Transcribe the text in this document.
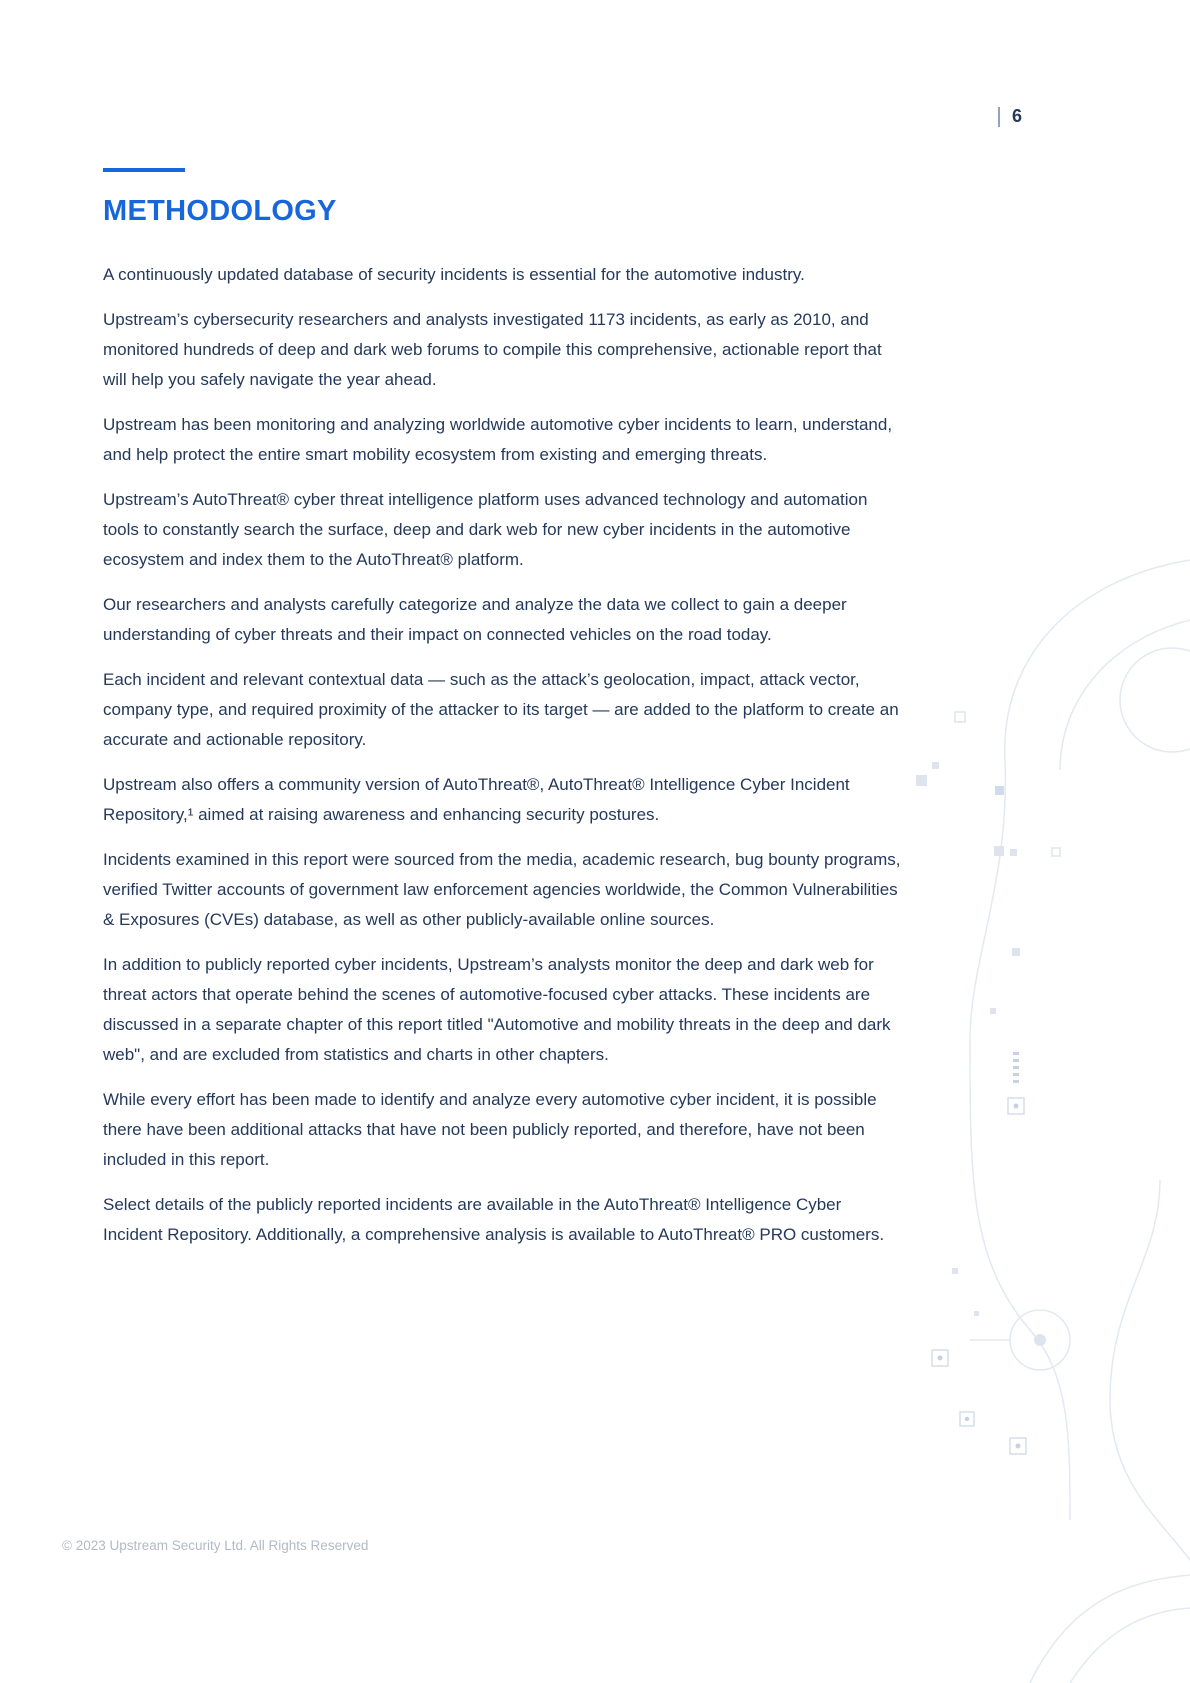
6
METHODOLOGY

A continuously updated database of security incidents is essential for the automotive industry.

Upstream’s cybersecurity researchers and analysts investigated 1173 incidents, as early as 2010, and monitored hundreds of deep and dark web forums to compile this comprehensive, actionable report that will help you safely navigate the year ahead.

Upstream has been monitoring and analyzing worldwide automotive cyber incidents to learn, understand, and help protect the entire smart mobility ecosystem from existing and emerging threats.

Upstream’s AutoThreat® cyber threat intelligence platform uses advanced technology and automation tools to constantly search the surface, deep and dark web for new cyber incidents in the automotive ecosystem and index them to the AutoThreat® platform.

Our researchers and analysts carefully categorize and analyze the data we collect to gain a deeper understanding of cyber threats and their impact on connected vehicles on the road today.

Each incident and relevant contextual data — such as the attack’s geolocation, impact, attack vector, company type, and required proximity of the attacker to its target — are added to the platform to create an accurate and actionable repository.

Upstream also offers a community version of AutoThreat®, AutoThreat® Intelligence Cyber Incident Repository,¹ aimed at raising awareness and enhancing security postures.

Incidents examined in this report were sourced from the media, academic research, bug bounty programs, verified Twitter accounts of government law enforcement agencies worldwide, the Common Vulnerabilities & Exposures (CVEs) database, as well as other publicly-available online sources.

In addition to publicly reported cyber incidents, Upstream’s analysts monitor the deep and dark web for threat actors that operate behind the scenes of automotive-focused cyber attacks. These incidents are discussed in a separate chapter of this report titled "Automotive and mobility threats in the deep and dark web", and are excluded from statistics and charts in other chapters.

While every effort has been made to identify and analyze every automotive cyber incident, it is possible there have been additional attacks that have not been publicly reported, and therefore, have not been included in this report.

Select details of the publicly reported incidents are available in the AutoThreat® Intelligence Cyber Incident Repository. Additionally, a comprehensive analysis is available to AutoThreat® PRO customers.

© 2023 Upstream Security Ltd. All Rights Reserved
